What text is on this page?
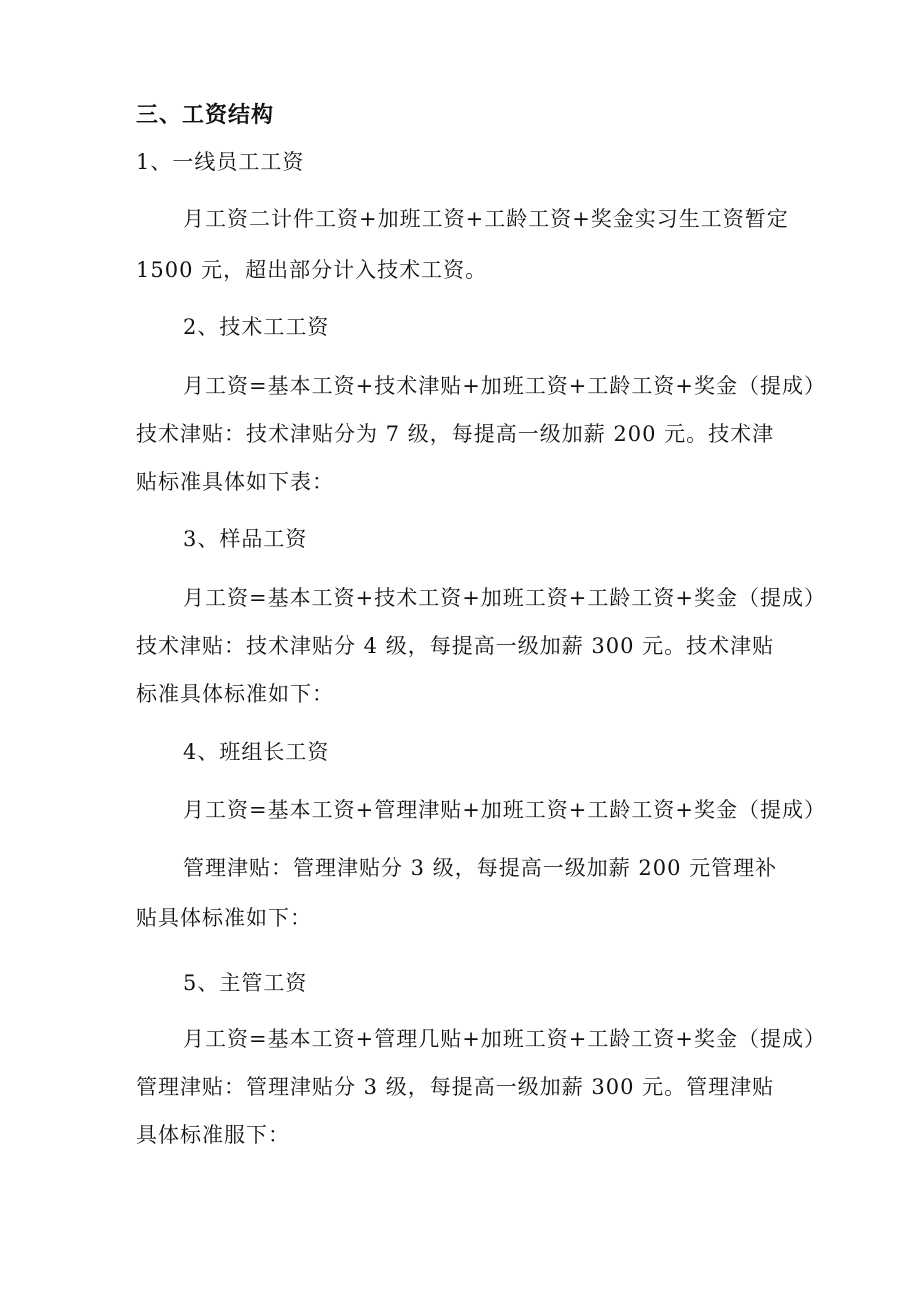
三、工资结构
1、一线员工工资
月工资二计件工资+加班工资+工龄工资+奖金实习生工资暂定
1500 元，超出部分计入技术工资。
2、技术工工资
月工资=基本工资+技术津贴+加班工资+工龄工资+奖金（提成）
技术津贴：技术津贴分为 7 级，每提高一级加薪 200 元。技术津
贴标准具体如下表：
3、样品工资
月工资=基本工资+技术工资+加班工资+工龄工资+奖金（提成）
技术津贴：技术津贴分 4 级，每提高一级加薪 300 元。技术津贴
标准具体标准如下：
4、班组长工资
月工资=基本工资+管理津贴+加班工资+工龄工资+奖金（提成）
管理津贴：管理津贴分 3 级，每提高一级加薪 200 元管理补
贴具体标准如下：
5、主管工资
月工资=基本工资+管理几贴+加班工资+工龄工资+奖金（提成）
管理津贴：管理津贴分 3 级，每提高一级加薪 300 元。管理津贴
具体标准服下：
